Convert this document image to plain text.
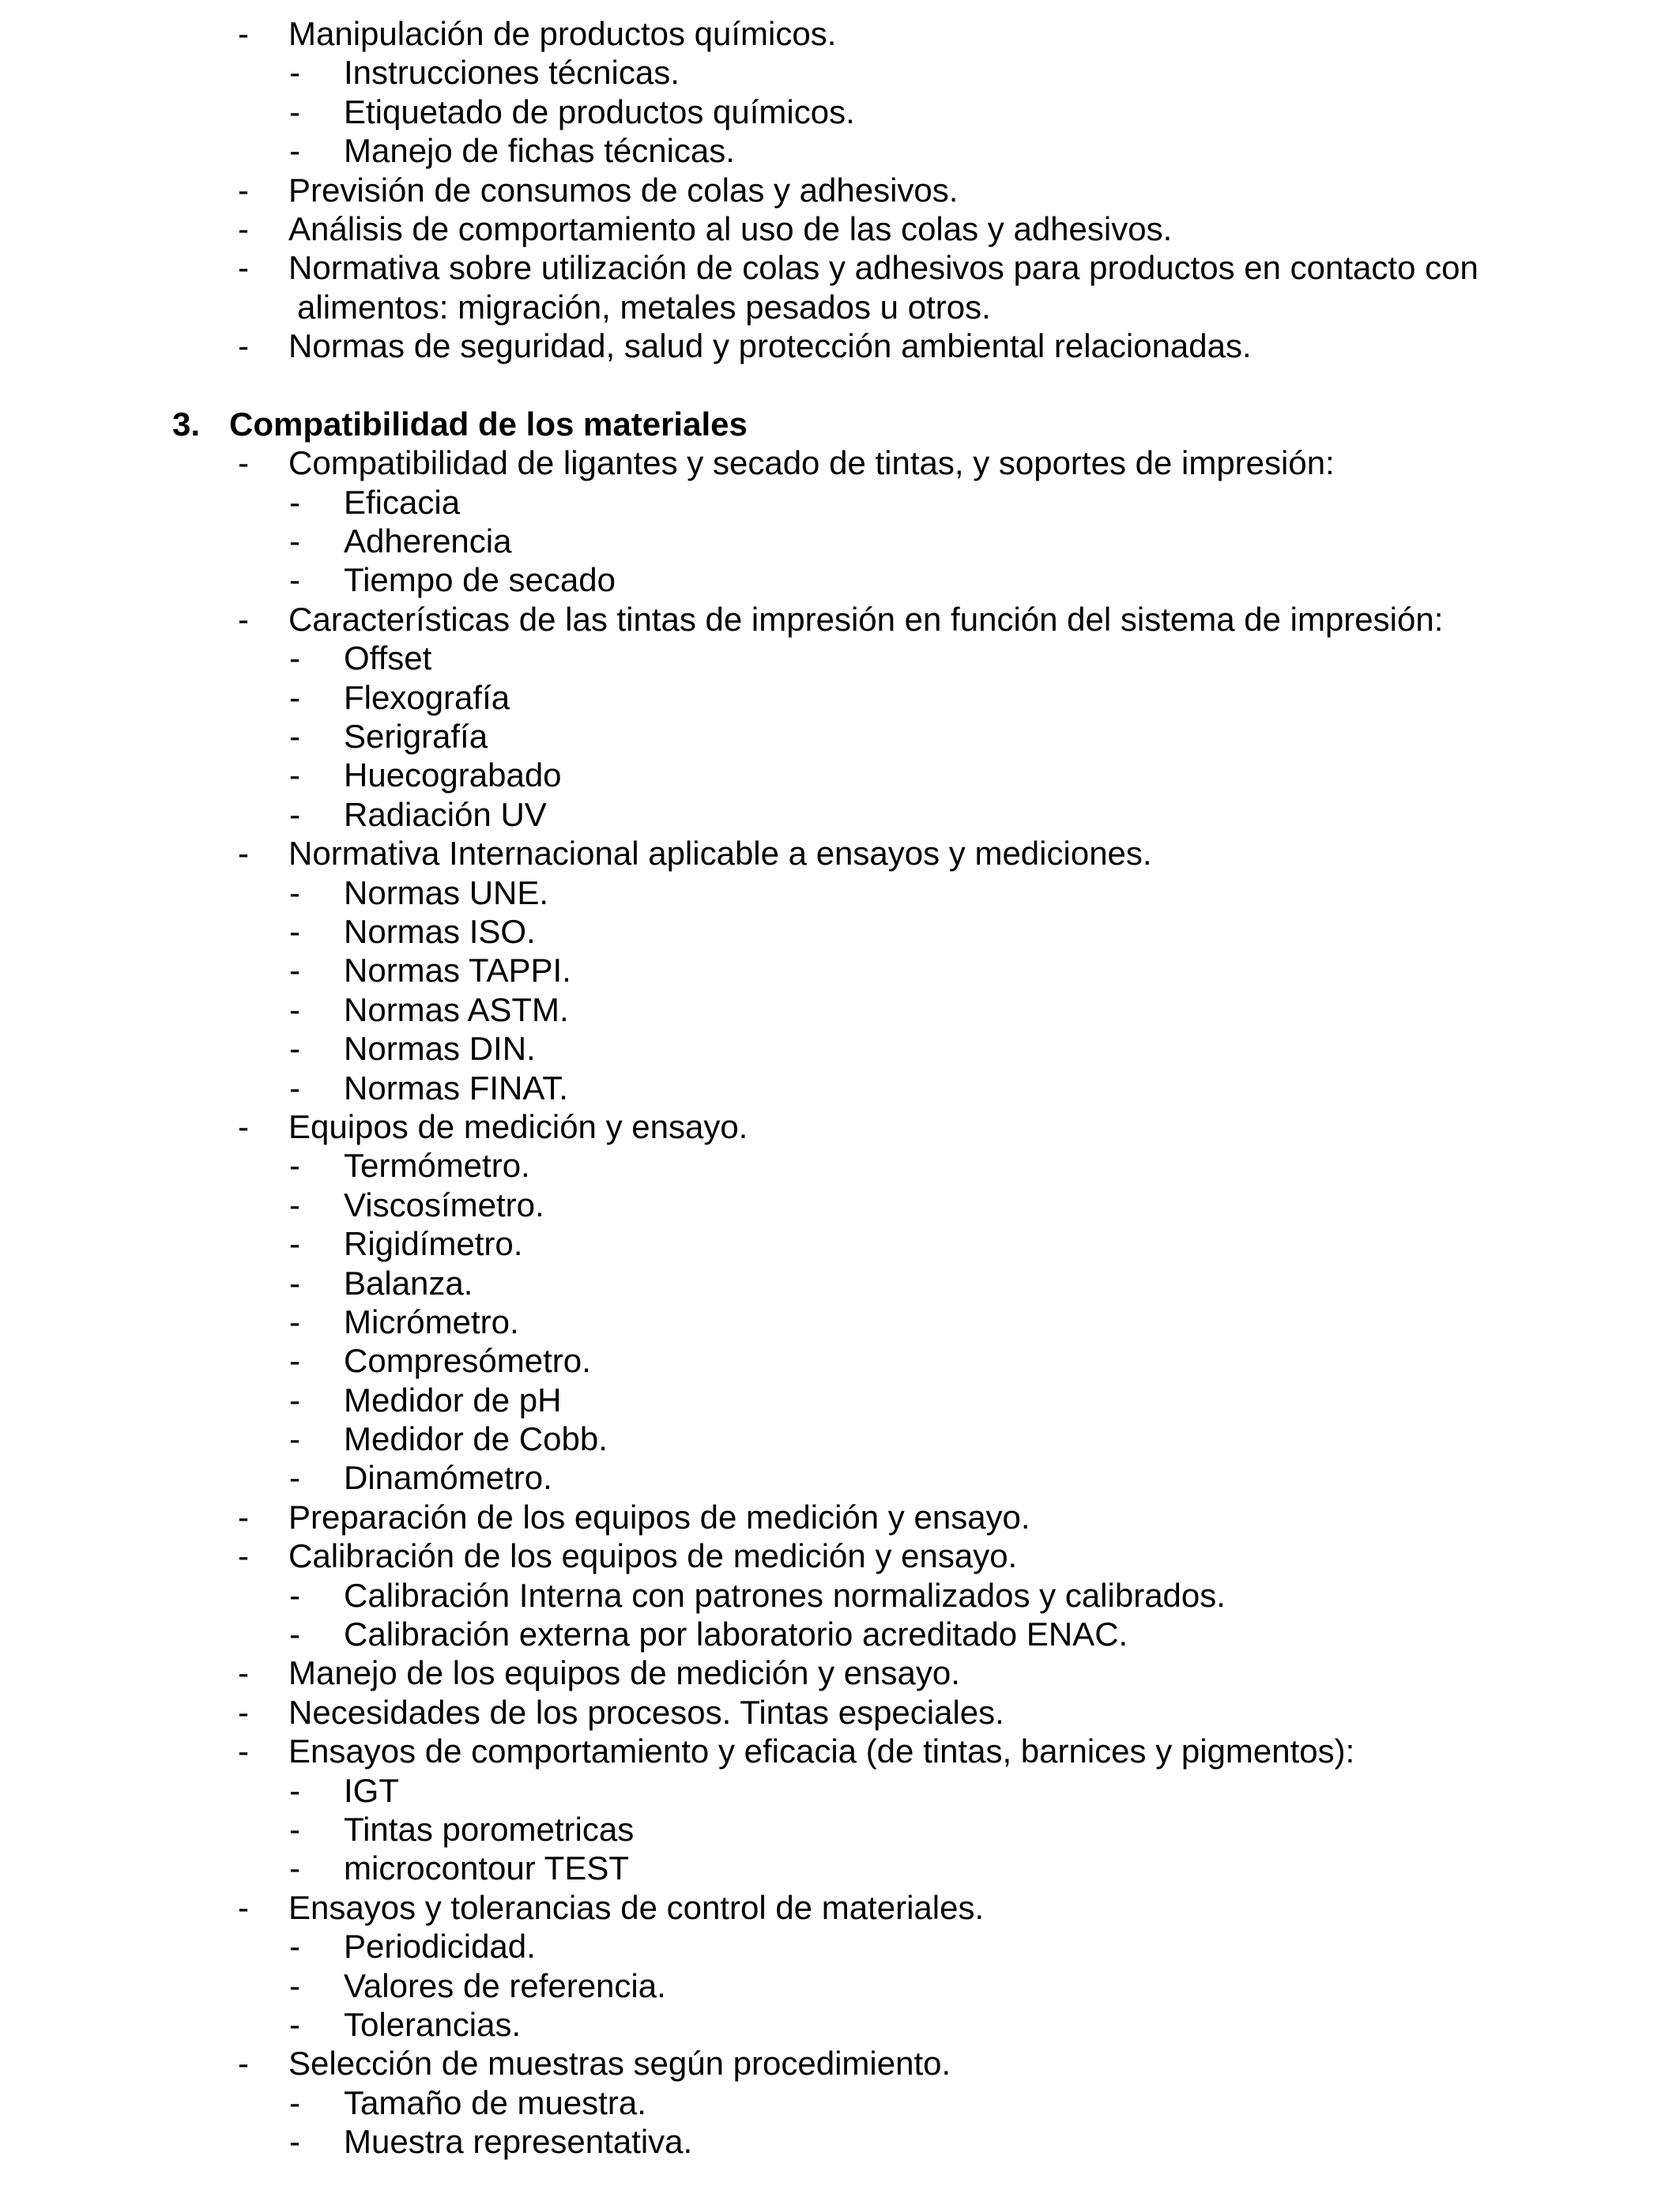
- Manipulación de productos químicos.
- Instrucciones técnicas.
- Etiquetado de productos químicos.
- Manejo de fichas técnicas.
- Previsión de consumos de colas y adhesivos.
- Análisis de comportamiento al uso de las colas y adhesivos.
- Normativa sobre utilización de colas y adhesivos para productos en contacto con
alimentos: migración, metales pesados u otros.
- Normas de seguridad, salud y protección ambiental relacionadas.
3. Compatibilidad de los materiales
- Compatibilidad de ligantes y secado de tintas, y soportes de impresión:
- Eficacia
- Adherencia
- Tiempo de secado
- Características de las tintas de impresión en función del sistema de impresión:
- Offset
- Flexografía
- Serigrafía
- Huecograbado
- Radiación UV
- Normativa Internacional aplicable a ensayos y mediciones.
- Normas UNE.
- Normas ISO.
- Normas TAPPI.
- Normas ASTM.
- Normas DIN.
- Normas FINAT.
- Equipos de medición y ensayo.
- Termómetro.
- Viscosímetro.
- Rigidímetro.
- Balanza.
- Micrómetro.
- Compresómetro.
- Medidor de pH
- Medidor de Cobb.
- Dinamómetro.
- Preparación de los equipos de medición y ensayo.
- Calibración de los equipos de medición y ensayo.
- Calibración Interna con patrones normalizados y calibrados.
- Calibración externa por laboratorio acreditado ENAC.
- Manejo de los equipos de medición y ensayo.
- Necesidades de los procesos. Tintas especiales.
- Ensayos de comportamiento y eficacia (de tintas, barnices y pigmentos):
- IGT
- Tintas porometricas
- microcontour TEST
- Ensayos y tolerancias de control de materiales.
- Periodicidad.
- Valores de referencia.
- Tolerancias.
- Selección de muestras según procedimiento.
- Tamaño de muestra.
- Muestra representativa.
